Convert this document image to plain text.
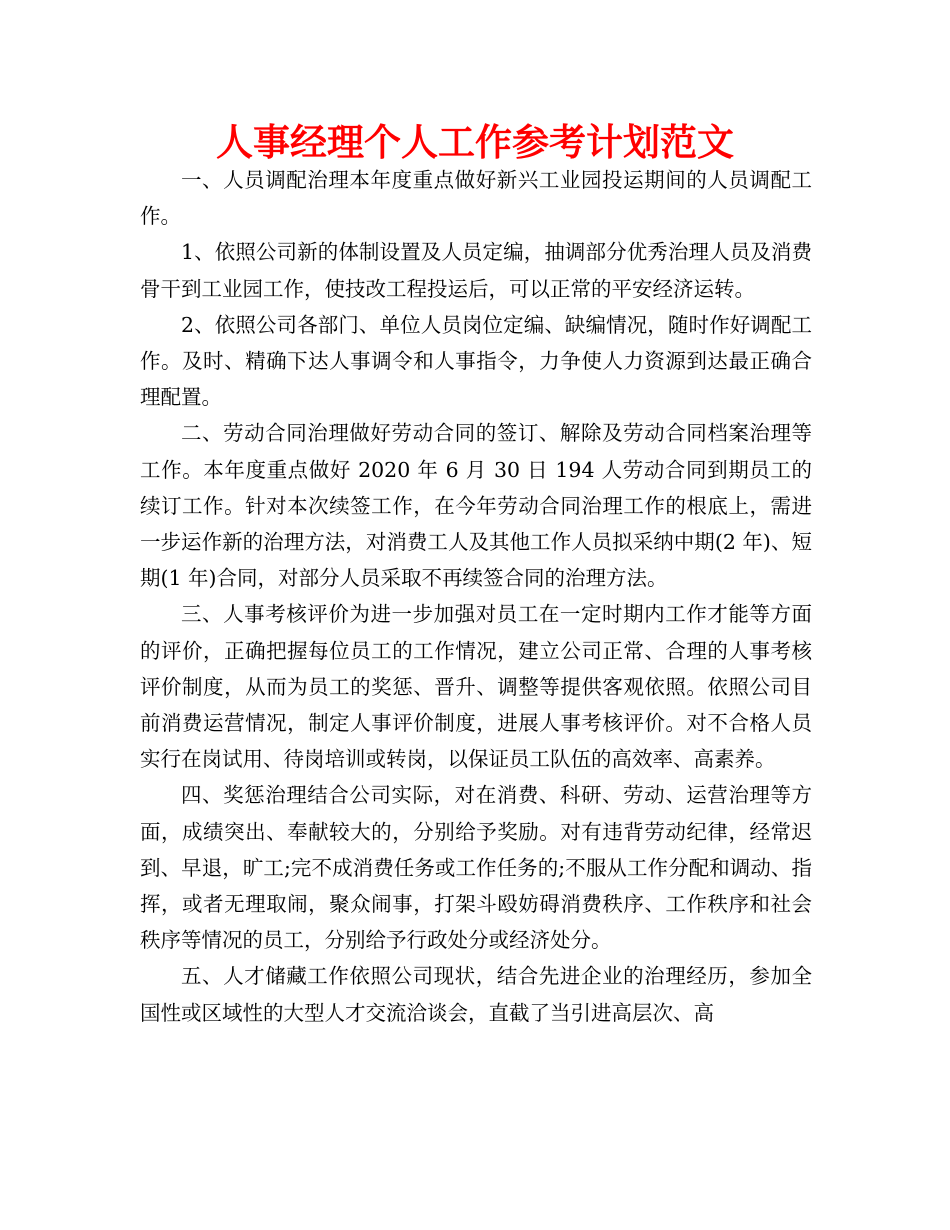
人事经理个人工作参考计划范文

一、人员调配治理本年度重点做好新兴工业园投运期间的人员调配工作。

1、依照公司新的体制设置及人员定编，抽调部分优秀治理人员及消费骨干到工业园工作，使技改工程投运后，可以正常的平安经济运转。

2、依照公司各部门、单位人员岗位定编、缺编情况，随时作好调配工作。及时、精确下达人事调令和人事指令，力争使人力资源到达最正确合理配置。

二、劳动合同治理做好劳动合同的签订、解除及劳动合同档案治理等工作。本年度重点做好 2020 年 6 月 30 日 194 人劳动合同到期员工的续订工作。针对本次续签工作，在今年劳动合同治理工作的根底上，需进一步运作新的治理方法，对消费工人及其他工作人员拟采纳中期(2 年)、短期(1 年)合同，对部分人员采取不再续签合同的治理方法。

三、人事考核评价为进一步加强对员工在一定时期内工作才能等方面的评价，正确把握每位员工的工作情况，建立公司正常、合理的人事考核评价制度，从而为员工的奖惩、晋升、调整等提供客观依照。依照公司目前消费运营情况，制定人事评价制度，进展人事考核评价。对不合格人员实行在岗试用、待岗培训或转岗，以保证员工队伍的高效率、高素养。

四、奖惩治理结合公司实际，对在消费、科研、劳动、运营治理等方面，成绩突出、奉献较大的，分别给予奖励。对有违背劳动纪律，经常迟到、早退，旷工;完不成消费任务或工作任务的;不服从工作分配和调动、指挥，或者无理取闹，聚众闹事，打架斗殴妨碍消费秩序、工作秩序和社会秩序等情况的员工，分别给予行政处分或经济处分。

五、人才储藏工作依照公司现状，结合先进企业的治理经历，参加全国性或区域性的大型人才交流洽谈会，直截了当引进高层次、高
